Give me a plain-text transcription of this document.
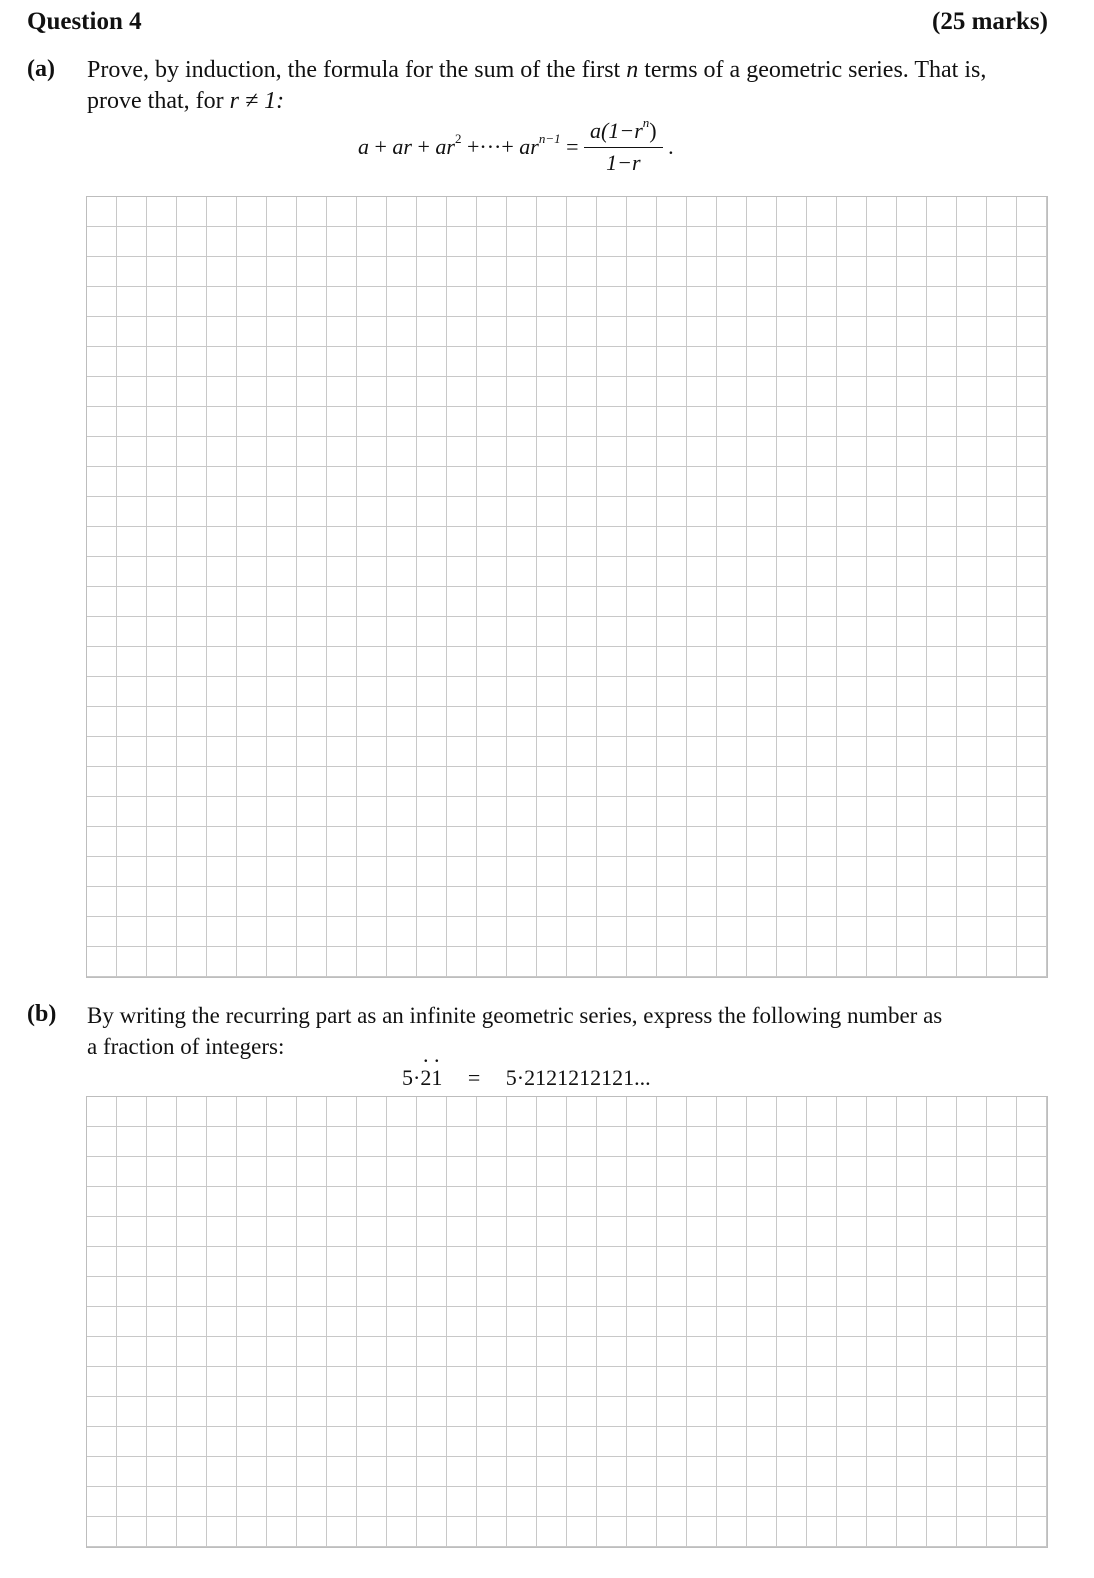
Question 4	(25 marks)
(a) Prove, by induction, the formula for the sum of the first n terms of a geometric series. That is,
prove that, for r ≠ 1:
a + ar + $ar^2$ +···+ $ar^{n-1} = \frac{a(1-r^n)}{1-r}$ .
(b) By writing the recurring part as an infinite geometric series, express the following number as
a fraction of integers:
5·2 ·1 · = 5·2121212121...
